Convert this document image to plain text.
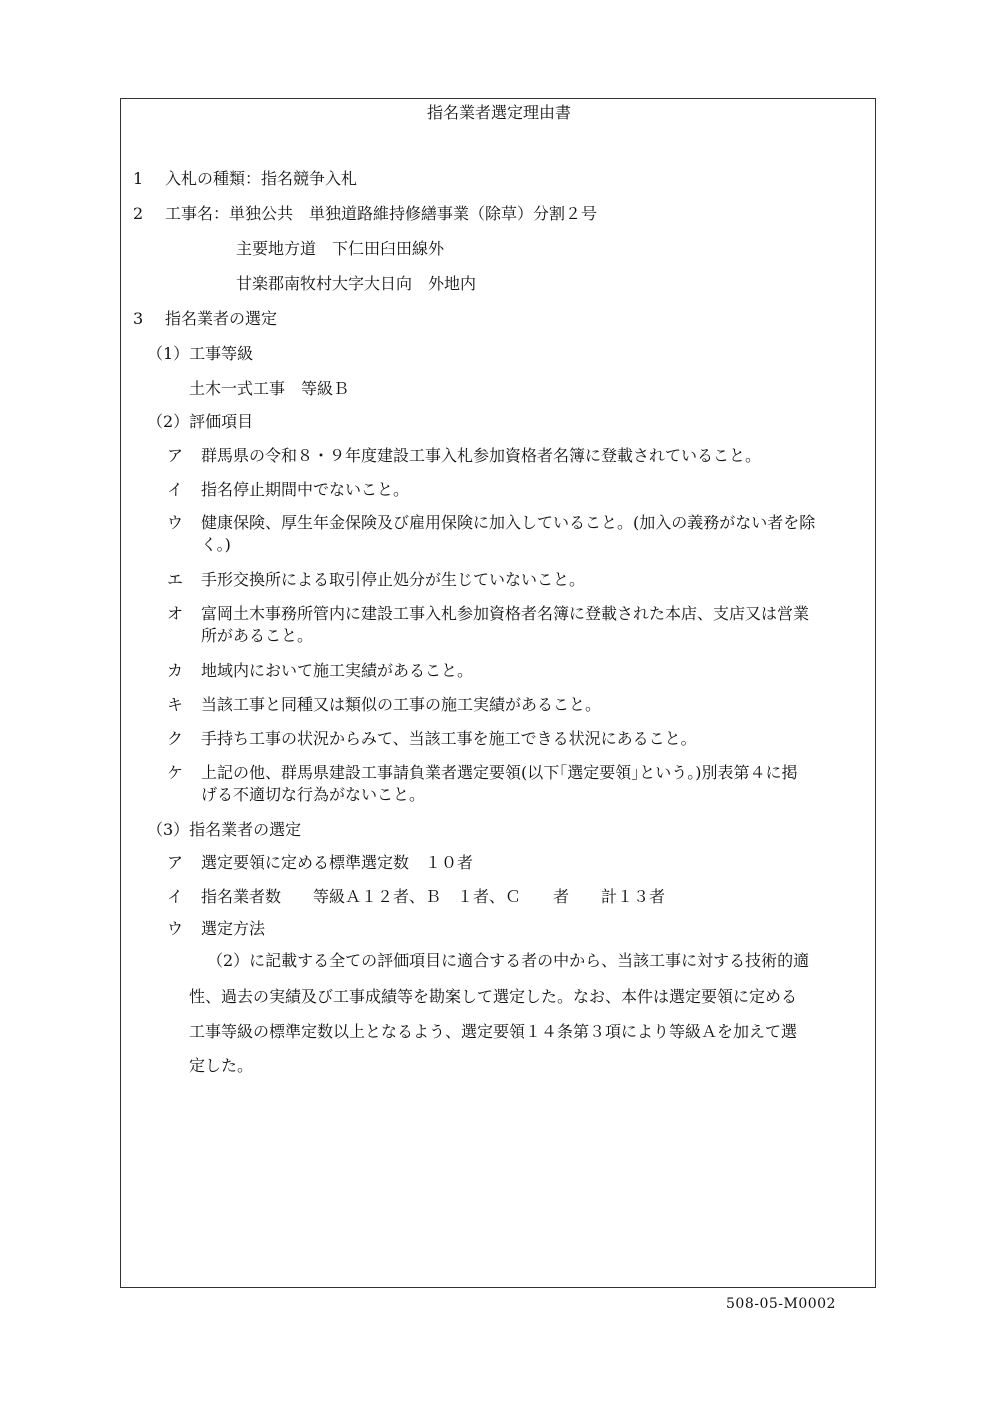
指名業者選定理由書
1 入札の種類：指名競争入札
2 工事名：単独公共　単独道路維持修繕事業（除草）分割２号
主要地方道　下仁田臼田線外
甘楽郡南牧村大字大日向　外地内
3 指名業者の選定
（1）工事等級
土木一式工事　等級Ｂ
（2）評価項目
ア 群馬県の令和８・９年度建設工事入札参加資格者名簿に登載されていること。
イ 指名停止期間中でないこと。
ウ 健康保険、厚生年金保険及び雇用保険に加入していること。(加入の義務がない者を除
く。)
エ 手形交換所による取引停止処分が生じていないこと。
オ 富岡土木事務所管内に建設工事入札参加資格者名簿に登載された本店、支店又は営業
所があること。
カ 地域内において施工実績があること。
キ 当該工事と同種又は類似の工事の施工実績があること。
ク 手持ち工事の状況からみて、当該工事を施工できる状況にあること。
ケ 上記の他、群馬県建設工事請負業者選定要領(以下｢選定要領｣という。)別表第４に掲
げる不適切な行為がないこと。
（3）指名業者の選定
ア 選定要領に定める標準選定数　１０者
イ 指名業者数　　等級Ａ１２者、Ｂ　１者、Ｃ　　者　　計１３者
ウ 選定方法
（2）に記載する全ての評価項目に適合する者の中から、当該工事に対する技術的適
性、過去の実績及び工事成績等を勘案して選定した。なお、本件は選定要領に定める
工事等級の標準定数以上となるよう、選定要領１４条第３項により等級Ａを加えて選
定した。
508-05-M0002
